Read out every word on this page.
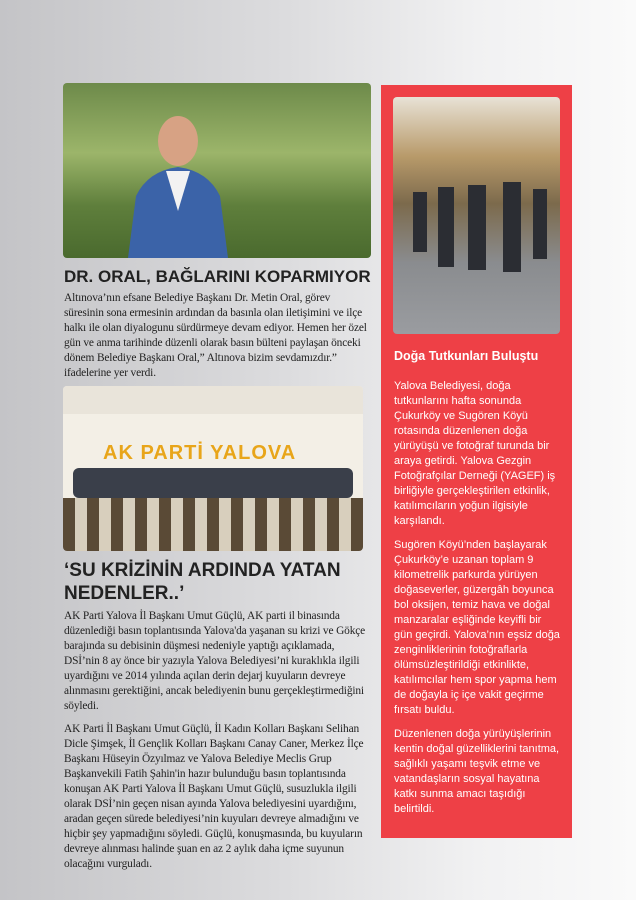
DR. ORAL, BAĞLARINI KOPARMIYOR

Altınova’nın efsane Belediye Başkanı Dr. Metin Oral, görev süresinin sona ermesinin ardından da basınla olan iletişimini ve ilçe halkı ile olan diyalogunu sürdürmeye devam ediyor. Hemen her özel gün ve anma tarihinde düzenli olarak basın bülteni paylaşan önceki dönem Belediye Başkanı Oral,” Altınova bizim sevdamızdır.” ifadelerine yer verdi.

AK PARTİ YALOVA
‘SU KRİZİNİN ARDINDA YATAN NEDENLER..’

AK Parti Yalova İl Başkanı Umut Güçlü, AK parti il binasında düzenlediği basın toplantısında Yalova'da yaşanan su krizi ve Gökçe barajında su debisinin düşmesi nedeniyle yaptığı açıklamada, DSİ’nin 8 ay önce bir yazıyla Yalova Belediyesi’ni kuraklıkla ilgili uyardığını ve 2014 yılında açılan derin dejarj kuyuların devreye alınmasını gerektiğini, ancak belediyenin bunu gerçekleştirmediğini söyledi.

AK Parti İl Başkanı Umut Güçlü, İl Kadın Kolları Başkanı Selihan Dicle Şimşek, İl Gençlik Kolları Başkanı Canay Caner, Merkez İlçe Başkanı Hüseyin Özyılmaz ve Yalova Belediye Meclis Grup Başkanvekili Fatih Şahin'in hazır bulunduğu basın toplantısında konuşan AK Parti Yalova İl Başkanı Umut Güçlü, susuzlukla ilgili olarak DSİ’nin geçen nisan ayında Yalova belediyesini uyardığını, aradan geçen sürede belediyesi’nin kuyuları devreye almadığını ve hiçbir şey yapmadığını söyledi. Güçlü, konuşmasında, bu kuyuların devreye alınması halinde şuan en az 2 aylık daha içme suyunun olacağını vurguladı.

Doğa Tutkunları Buluştu

Yalova Belediyesi, doğa tutkunlarını hafta sonunda Çukurköy ve Sugören Köyü rotasında düzenlenen doğa yürüyüşü ve fotoğraf turunda bir araya getirdi. Yalova Gezgin Fotoğrafçılar Derneği (YAGEF) iş birliğiyle gerçekleştirilen etkinlik, katılımcıların yoğun ilgisiyle karşılandı.

Sugören Köyü’nden başlayarak Çukurköy’e uzanan toplam 9 kilometrelik parkurda yürüyen doğaseverler, güzergâh boyunca bol oksijen, temiz hava ve doğal manzaralar eşliğinde keyifli bir gün geçirdi. Yalova’nın eşsiz doğa zenginliklerinin fotoğraflarla ölümsüzleştirildiği etkinlikte, katılımcılar hem spor yapma hem de doğayla iç içe vakit geçirme fırsatı buldu.

Düzenlenen doğa yürüyüşlerinin kentin doğal güzelliklerini tanıtma, sağlıklı yaşamı teşvik etme ve vatandaşların sosyal hayatına katkı sunma amacı taşıdığı belirtildi.
